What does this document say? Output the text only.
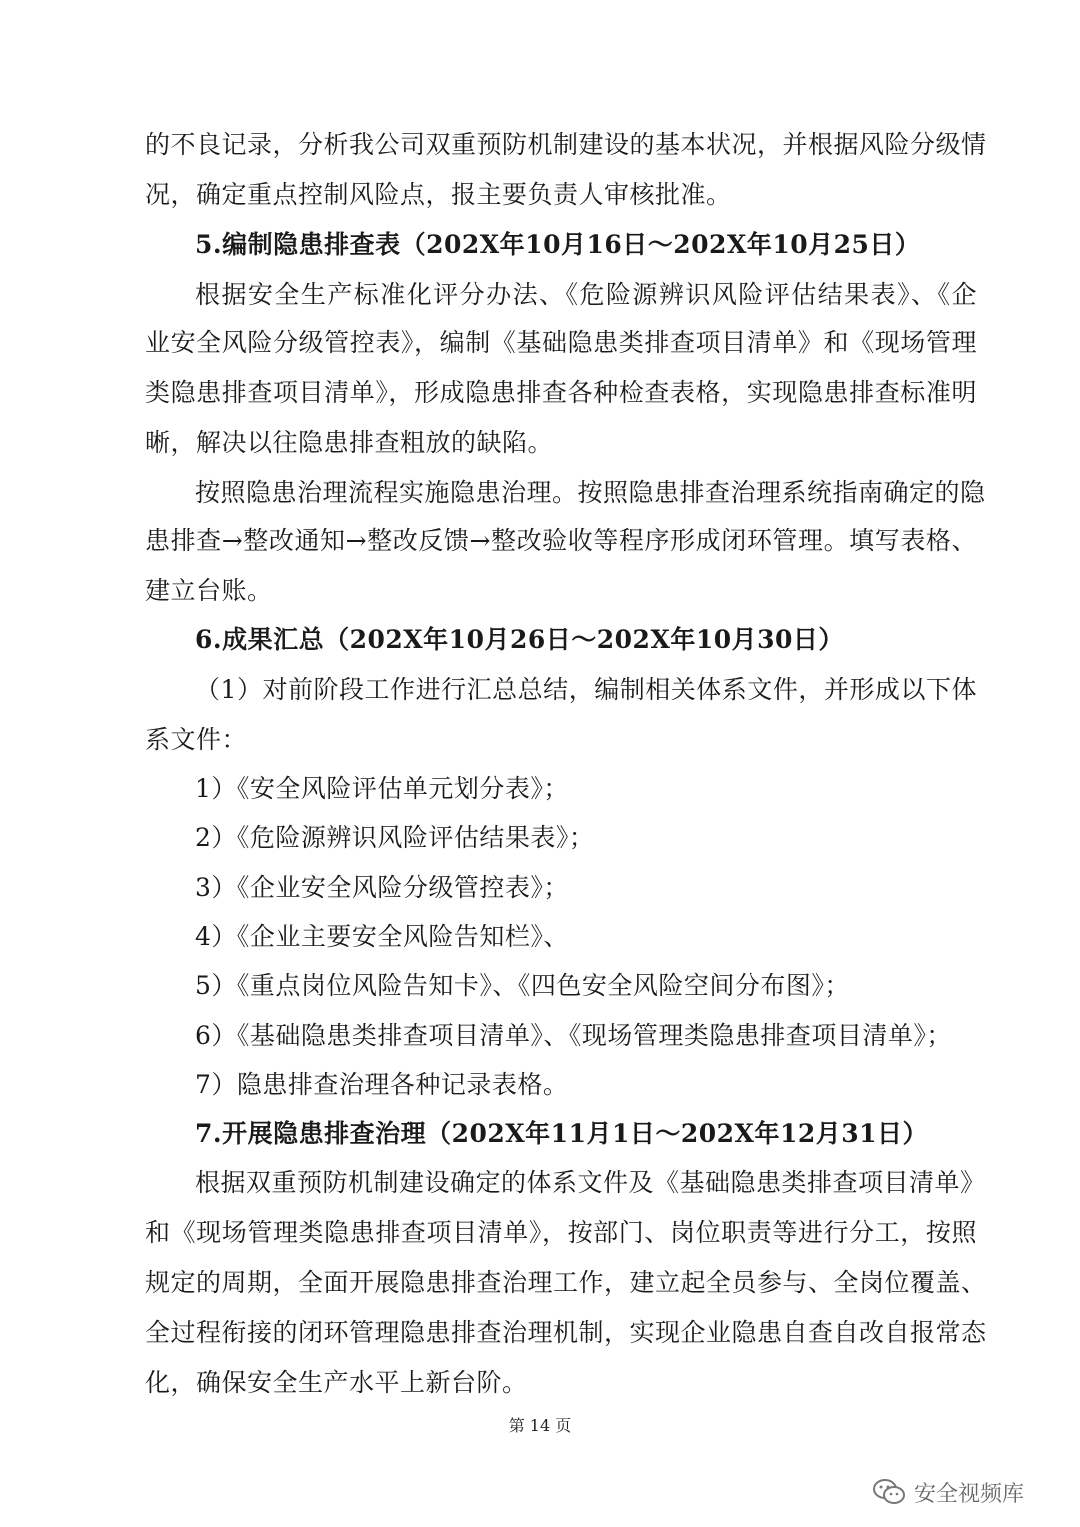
的不良记录，分析我公司双重预防机制建设的基本状况，并根据风险分级情
况，确定重点控制风险点，报主要负责人审核批准。
5.编制隐患排查表（202X年10月16日～202X年10月25日）
根据安全生产标准化评分办法、《危险源辨识风险评估结果表》、《企
业安全风险分级管控表》，编制《基础隐患类排查项目清单》和《现场管理
类隐患排查项目清单》，形成隐患排查各种检查表格，实现隐患排查标准明
晰，解决以往隐患排查粗放的缺陷。
按照隐患治理流程实施隐患治理。按照隐患排查治理系统指南确定的隐
患排查→整改通知→整改反馈→整改验收等程序形成闭环管理。填写表格、
建立台账。
6.成果汇总（202X年10月26日～202X年10月30日）
（1）对前阶段工作进行汇总总结，编制相关体系文件，并形成以下体
系文件：
1）《安全风险评估单元划分表》；
2）《危险源辨识风险评估结果表》；
3）《企业安全风险分级管控表》；
4）《企业主要安全风险告知栏》、
5）《重点岗位风险告知卡》、《四色安全风险空间分布图》；
6）《基础隐患类排查项目清单》、《现场管理类隐患排查项目清单》；
7）隐患排查治理各种记录表格。
7.开展隐患排查治理（202X年11月1日～202X年12月31日）
根据双重预防机制建设确定的体系文件及《基础隐患类排查项目清单》
和《现场管理类隐患排查项目清单》，按部门、岗位职责等进行分工，按照
规定的周期，全面开展隐患排查治理工作，建立起全员参与、全岗位覆盖、
全过程衔接的闭环管理隐患排查治理机制，实现企业隐患自查自改自报常态
化，确保安全生产水平上新台阶。
第 14 页
安全视频库
